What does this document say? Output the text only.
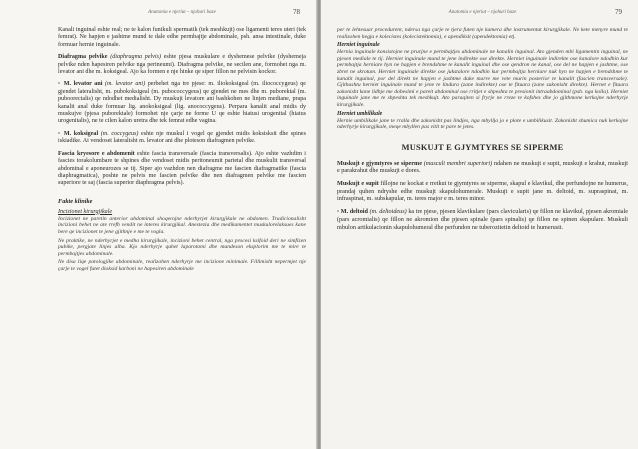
Anatomia e njeriut – njohuri baze	78

Kanali inguinal eshte real; ne te kalon funikuli spermatik (tek meshkujt) ose ligamenti teres uteri (tek femrat). Ne hapjen e jashtme mund te dale edhe permbajtje abdominale, psh. ansa intestinale, duke formuar hernie inguinale.

Diafragma pelvike (diaphragma pelvis) eshte pjesa muskulare e dyshemese pelvike (dyshemeja pelvike nden hapesiren pelvike nga perineumi). Diafragma pelvike, ne secilen ane, formohet nga m. levator ani dhe m. koksigeal. Ajo ka formen e nje hinke qe siper fillon ne pelvisin kockor.

▫ M. levator ani (m. levator ani) perbehet nga tre pjese: m. iliokoksigeal (m. iliococcygeus) qe gjendet lateralisht, m. pubokoksigeal (m. pubococcygeus) qe gjendet ne mes dhe m. puborektal (m. puboorectalis) qe ndodhet medialisht. Dy muskujt levatore ani bashkohen ne linjen mediane, prapa kanalit anal duke formuar lig. anokoksigeal (lig. anococcygeus). Perpara kanalit anal midis dy muskujve (pjesa puborektale) formohet nje çarje ne forme U qe eshte hiatusi urogenital (hiatus urogenitalis), ne te cilen kalon uretra dhe tek femrat edhe vagina.

▫ M. koksigeal (m. coccygeus) eshte nje muskul i vogel qe gjendet midis koksisksit dhe spines iskiadike. Ai vendoset lateralisht m. levator ani dhe ploteson diafragmen pelvike.

Fascia kryesore e abdomenit eshte fascia transversale (fascia transversalis). Ajo eshte vazhdim i fascies torakolumbare te shpines dhe vendoset midis peritoneumit parietal dhe muskulit transversal abdominal e aponeurozes se tij. Siper ajo vazhdon nen diafragme me fascien diafragmatike (fascia diaphragmatica), poshte ne pelvis me fascien pelvike dhe nen diafragmen pelvike me fascien superiore te saj (fascia superior diaphragma pelvis).

Fakte klinike
Incizionet kirurgjikale

Incizionet ne paretin anterior abdominal shoqerojne nderhyrjet kirurgjikale ne abdomen. Tradicionalisht incizioni behet ne ate rrefh vendit ne interes kirurgjikal. Anestezia dhe medikamentet muskulorelaksues kane bere qe incizionet te jene gjithnje e me te vogla.

Ne praktike, ne nderhyrjet e medha kirurgjikale, incizioni behet central, nga procesi ksifoid deri ne simfizen pubike, pergjate linjes alba. Kjo nderhyrje quhet laparotomi dhe mundeson eksplorim me te mire te permbajtjes abdominale.

Ne disa liqe patologjike abdominale, realizohen nderhyrje me incizione minimale. Fillimisht nepermjet nje çarje te vogel futet dioksid karboni ne hapesiren abdominale

Anatomia e njeriut – njohuri baze	79

per te lehtesuar procedurenr, ndersa nga çarje te tjera futen nje kamera dhe instrumentat kirurgjikale. Ne kete menyre mund te realizohen hegja e kolecistes (kolecistektomia), e apendiksit (apendektomia) etj.

Herniet inguinale

Hernia inguinale konsistojne ne prurjne e permbajtjes abdominale ne kanalin inguinal. Ato gjenden mbi ligamentin inguinal, ne pjesen mediale te tij. Herniet inguinale mund te jene indirekte ose direkte. Herniet inguinale indirekte ose kanalore ndodhin kur permbajtja herniare hyn ne hapjen e brendshme te kanalit inguinal dhe ose qendron ne kanal, ose del ne hapjen e jashtme, ose zbret ne skrotum. Herniet inguinale direkte ose jukstalore ndodhin kur permbajtja herniare nuk hyn ne hapjen e brendshme te kanalit inguinal, por del direkt ne hapjen e jashtme duke marre me vete murin posterior te kanalit (fascien transversale). Gjithashtu herniet inguinale mund te jene te lindura (zane indirekte) ose te fituara (zane zakonisht direkte). Hernet e fituara zakonisht kane lidhje me dobesimi e pareit abdominal ose rritjet e shpeshta te presionit intraabdominal (psh. nga kolla). Herniet inguinale jane me te shpeshta tek meshkujt. Ato paraqiten si fryrje ne rreze te kofshes dhe jo gjithmone kerkojne nderhyrje kirurgjikale.

Herniet umbilikale

Hernie umbilikale jane te rralla dhe zakonisht pas lindjes, nga mbyllja jo e plote e umbilikusit. Zakonisht shumica nuk kerkojne nderhyrje kirurgjikale, meqe mbyllen pas vitit te pare te jetes.

MUSKUJT E GJYMTYRES SE SIPERME

Muskujt e gjymtyres se siperme (musculi membri superiori) ndahen ne muskujt e supit, muskujt e krahut, muskujt e parakrahut dhe muskujt e dores.

Muskujt e supit fillojne ne kockat e rretkut te gjymtyres se siperme, skapul e klavikul, dhe perfundojne ne humerus, prandaj quhen ndryshe edhe muskujt skapulohumerale. Muskujt e supit jane m. deltoid, m. supraspinat, m. infraspinat, m. subskapular, m. teres major e m. teres minor.

▫ M. deltoid (m. deltoideus) ka tre pjese, pjesen klavikulare (pars clavicularis) qe fillon ne klavikul, pjesen akromiale (pars acromialis) qe fillon ne akromion dhe pjesen spinale (pars spinalis) qe fillon ne spinen skapulare. Muskuli mbulon artikulacionin skapulohumeral dhe perfundon ne tuberozitetin deltoid te humerusit.
